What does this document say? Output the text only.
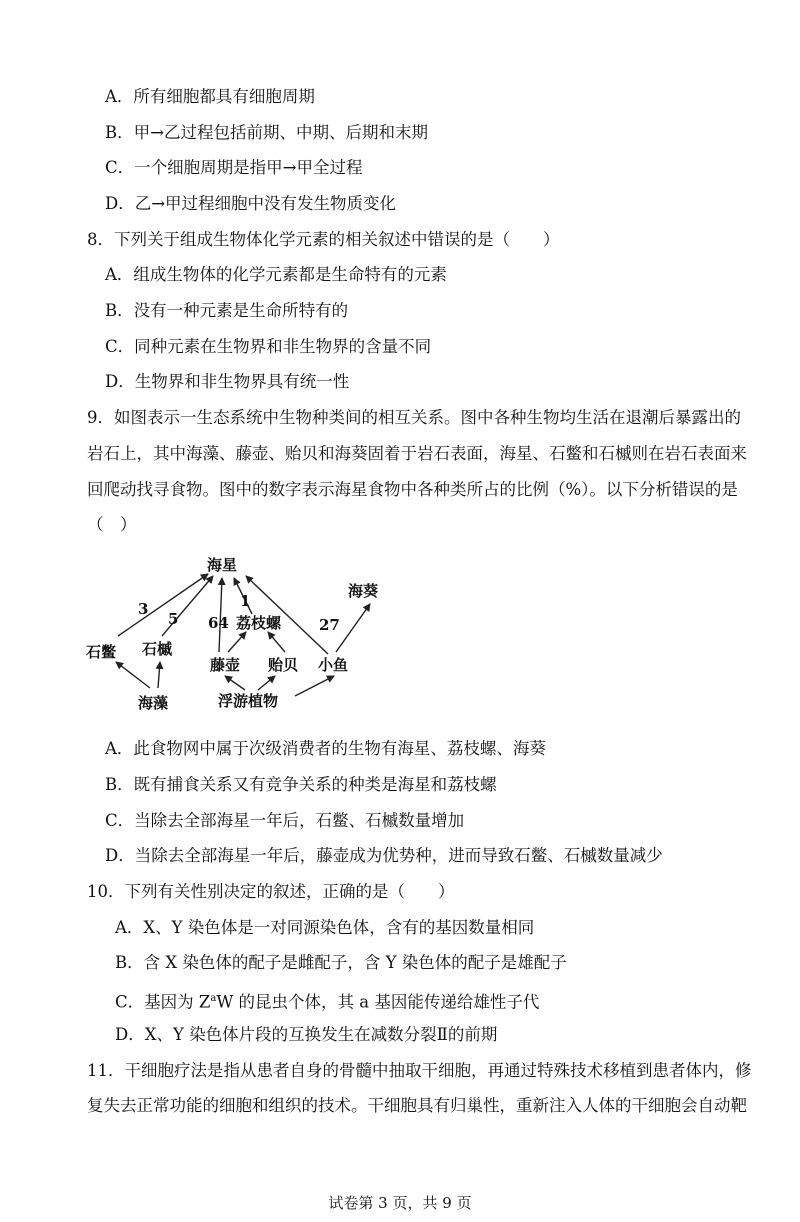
A．所有细胞都具有细胞周期
B．甲→乙过程包括前期、中期、后期和末期
C．一个细胞周期是指甲→甲全过程
D．乙→甲过程细胞中没有发生物质变化
8．下列关于组成生物体化学元素的相关叙述中错误的是（　　）
A．组成生物体的化学元素都是生命特有的元素
B．没有一种元素是生命所特有的
C．同种元素在生物界和非生物界的含量不同
D．生物界和非生物界具有统一性
9．如图表示一生态系统中生物种类间的相互关系。图中各种生物均生活在退潮后暴露出的
岩石上，其中海藻、藤壶、贻贝和海葵固着于岩石表面，海星、石鳖和石槭则在岩石表面来
回爬动找寻食物。图中的数字表示海星食物中各种类所占的比例（%）。以下分析错误的是
（　）
海星
海葵
石鳖 石槭
荔枝螺
藤壶 贻贝 小鱼
海藻	浮游植物
3
5
1
64	27
A．此食物网中属于次级消费者的生物有海星、荔枝螺、海葵
B．既有捕食关系又有竞争关系的种类是海星和荔枝螺
C．当除去全部海星一年后，石鳖、石槭数量增加
D．当除去全部海星一年后，藤壶成为优势种，进而导致石鳖、石槭数量减少
10．下列有关性别决定的叙述，正确的是（　　）
A．X、Y 染色体是一对同源染色体，含有的基因数量相同
B．含 X 染色体的配子是雌配子，含 Y 染色体的配子是雄配子
C．基因为 $Z^aW$ 的昆虫个体，其 a 基因能传递给雄性子代
D．X、Y 染色体片段的互换发生在减数分裂Ⅱ的前期
11．干细胞疗法是指从患者自身的骨髓中抽取干细胞，再通过特殊技术移植到患者体内，修
复失去正常功能的细胞和组织的技术。干细胞具有归巢性，重新注入人体的干细胞会自动靶
试卷第 3 页，共 9 页
